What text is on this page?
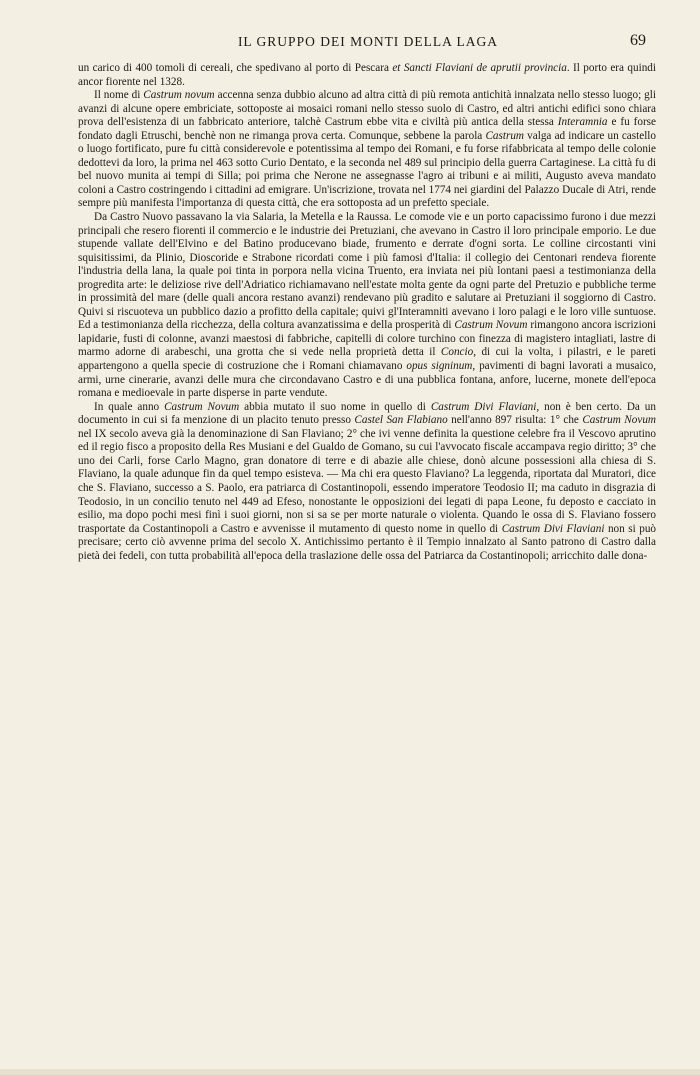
IL GRUPPO DEI MONTI DELLA LAGA	69

un carico di 400 tomoli di cereali, che spedivano al porto di Pescara et Sancti Flaviani de aprutii provincia. Il porto era quindi ancor fiorente nel 1328.

Il nome di Castrum novum accenna senza dubbio alcuno ad altra città di più remota antichità innalzata nello stesso luogo; gli avanzi di alcune opere embriciate, sottoposte ai mosaici romani nello stesso suolo di Castro, ed altri antichi edifici sono chiara prova dell'esistenza di un fabbricato anteriore, talchè Castrum ebbe vita e civiltà più antica della stessa Interamnia e fu forse fondato dagli Etruschi, benchè non ne rimanga prova certa. Comunque, sebbene la parola Castrum valga ad indicare un castello o luogo fortificato, pure fu città considerevole e potentissima al tempo dei Romani, e fu forse rifabbricata al tempo delle colonie dedottevi da loro, la prima nel 463 sotto Curio Dentato, e la seconda nel 489 sul principio della guerra Cartaginese. La città fu di bel nuovo munita ai tempi di Silla; poi prima che Nerone ne assegnasse l'agro ai tribuni e ai militi, Augusto aveva mandato coloni a Castro costringendo i cittadini ad emigrare. Un'iscrizione, trovata nel 1774 nei giardini del Palazzo Ducale di Atri, rende sempre più manifesta l'importanza di questa città, che era sottoposta ad un prefetto speciale.

Da Castro Nuovo passavano la via Salaria, la Metella e la Raussa. Le comode vie e un porto capacissimo furono i due mezzi principali che resero fiorenti il commercio e le industrie dei Pretuziani, che avevano in Castro il loro principale emporio. Le due stupende vallate dell'Elvino e del Batino producevano biade, frumento e derrate d'ogni sorta. Le colline circostanti vini squisitissimi, da Plinio, Dioscoride e Strabone ricordati come i più famosi d'Italia: il collegio dei Centonari rendeva fiorente l'industria della lana, la quale poi tinta in porpora nella vicina Truento, era inviata nei più lontani paesi a testimonianza della progredita arte: le deliziose rive dell'Adriatico richiamavano nell'estate molta gente da ogni parte del Pretuzio e pubbliche terme in prossimità del mare (delle quali ancora restano avanzi) rendevano più gradito e salutare ai Pretuziani il soggiorno di Castro. Quivi si riscuoteva un pubblico dazio a profitto della capitale; quivi gl'Interamniti avevano i loro palagi e le loro ville suntuose. Ed a testimonianza della ricchezza, della coltura avanzatissima e della prosperità di Castrum Novum rimangono ancora iscrizioni lapidarie, fusti di colonne, avanzi maestosi di fabbriche, capitelli di colore turchino con finezza di magistero intagliati, lastre di marmo adorne di arabeschi, una grotta che si vede nella proprietà detta il Concio, di cui la volta, i pilastri, e le pareti appartengono a quella specie di costruzione che i Romani chiamavano opus signinum, pavimenti di bagni lavorati a musaico, armi, urne cinerarie, avanzi delle mura che circondavano Castro e di una pubblica fontana, anfore, lucerne, monete dell'epoca romana e medioevale in parte disperse in parte vendute.

In quale anno Castrum Novum abbia mutato il suo nome in quello di Castrum Divi Flaviani, non è ben certo. Da un documento in cui si fa menzione di un placito tenuto presso Castel San Flabiano nell'anno 897 risulta: 1° che Castrum Novum nel IX secolo aveva già la denominazione di San Flaviano; 2° che ivi venne definita la questione celebre fra il Vescovo aprutino ed il regio fisco a proposito della Res Musiani e del Gualdo de Gomano, su cui l'avvocato fiscale accampava regio diritto; 3° che uno dei Carli, forse Carlo Magno, gran donatore di terre e di abazie alle chiese, donò alcune possessioni alla chiesa di S. Flaviano, la quale adunque fin da quel tempo esisteva. — Ma chi era questo Flaviano? La leggenda, riportata dal Muratori, dice che S. Flaviano, successo a S. Paolo, era patriarca di Costantinopoli, essendo imperatore Teodosio II; ma caduto in disgrazia di Teodosio, in un concilio tenuto nel 449 ad Efeso, nonostante le opposizioni dei legati di papa Leone, fu deposto e cacciato in esilio, ma dopo pochi mesi finì i suoi giorni, non si sa se per morte naturale o violenta. Quando le ossa di S. Flaviano fossero trasportate da Costantinopoli a Castro e avvenisse il mutamento di questo nome in quello di Castrum Divi Flaviani non si può precisare; certo ciò avvenne prima del secolo X. Antichissimo pertanto è il Tempio innalzato al Santo patrono di Castro dalla pietà dei fedeli, con tutta probabilità all'epoca della traslazione delle ossa del Patriarca da Costantinopoli; arricchito dalle dona-
